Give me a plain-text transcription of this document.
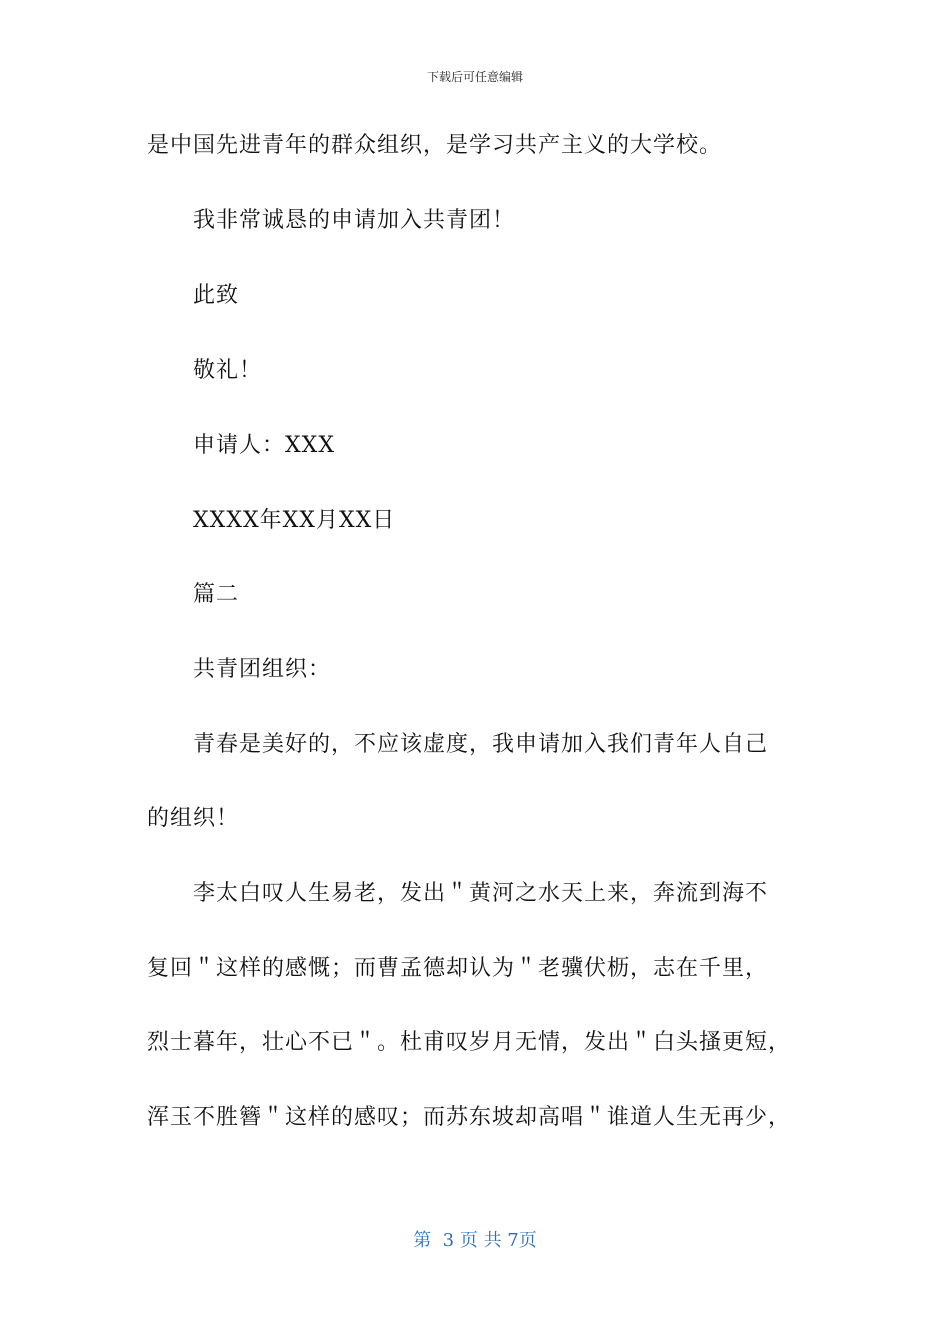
下载后可任意编辑
是中国先进青年的群众组织，是学习共产主义的大学校。
我非常诚恳的申请加入共青团！
此致
敬礼！
申请人：XXX
XXXX年XX月XX日
篇二
共青团组织：
青春是美好的，不应该虚度，我申请加入我们青年人自己
的组织！
李太白叹人生易老，发出＂黄河之水天上来，奔流到海不
复回＂这样的感慨；而曹孟德却认为＂老骥伏枥，志在千里，
烈士暮年，壮心不已＂。杜甫叹岁月无情，发出＂白头搔更短，
浑玉不胜簪＂这样的感叹；而苏东坡却高唱＂谁道人生无再少，
第  3 页 共 7页
